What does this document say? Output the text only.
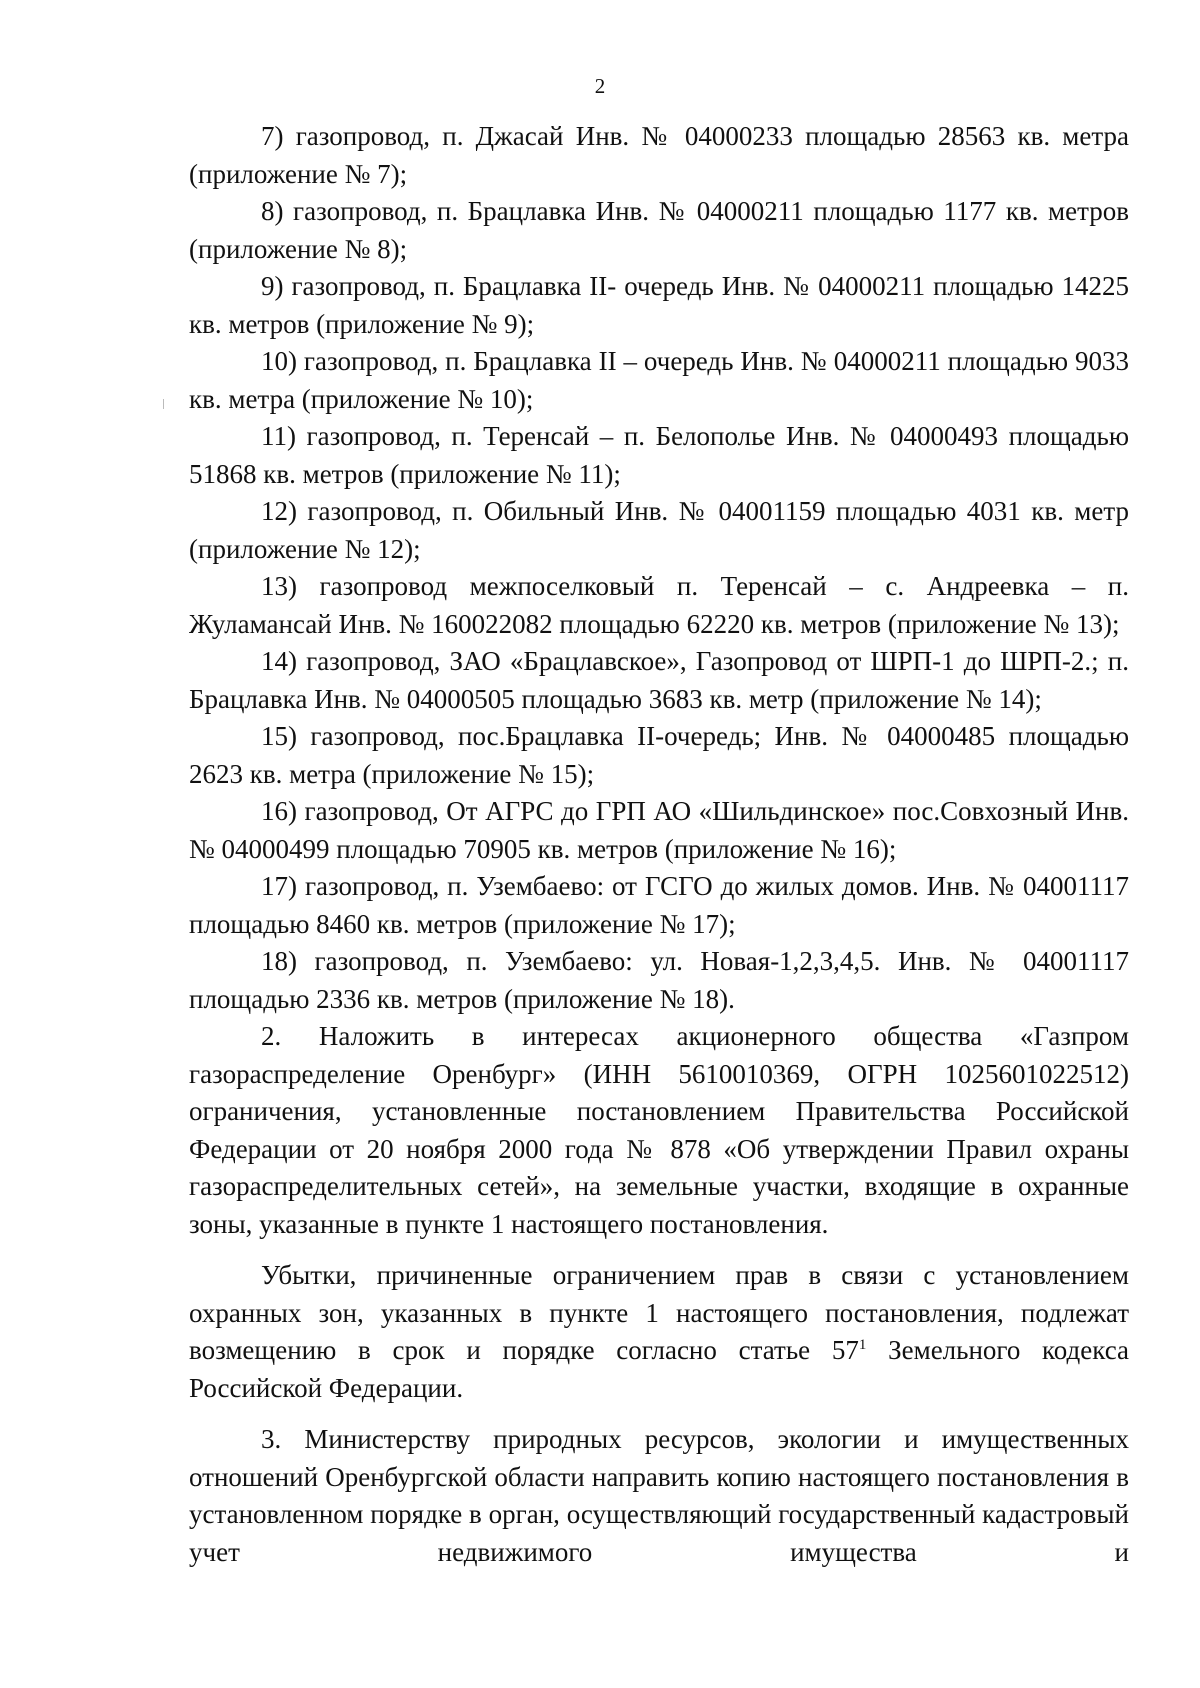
2

7) газопровод, п. Джасай Инв. № 04000233 площадью 28563 кв. метра (приложение № 7);

8) газопровод, п. Брацлавка Инв. № 04000211 площадью 1177 кв. метров (приложение № 8);

9) газопровод, п. Брацлавка II- очередь Инв. № 04000211 площадью 14225 кв. метров (приложение № 9);

10) газопровод, п. Брацлавка II – очередь Инв. № 04000211 площадью 9033 кв. метра (приложение № 10);

11) газопровод, п. Теренсай – п. Белополье Инв. № 04000493 площадью 51868 кв. метров (приложение № 11);

12) газопровод, п. Обильный Инв. № 04001159 площадью 4031 кв. метр (приложение № 12);

13) газопровод межпоселковый п. Теренсай – с. Андреевка – п. Жуламансай Инв. № 160022082 площадью 62220 кв. метров (приложение № 13);

14) газопровод, ЗАО «Брацлавское», Газопровод от ШРП-1 до ШРП-2.; п. Брацлавка Инв. № 04000505 площадью 3683 кв. метр (приложение № 14);

15) газопровод, пос.Брацлавка II-очередь; Инв. № 04000485 площадью 2623 кв. метра (приложение № 15);

16) газопровод, От АГРС до ГРП АО «Шильдинское» пос.Совхозный Инв. № 04000499 площадью 70905 кв. метров (приложение № 16);

17) газопровод, п. Узембаево: от ГСГО до жилых домов. Инв. № 04001117 площадью 8460 кв. метров (приложение № 17);

18) газопровод, п. Узембаево: ул. Новая-1,2,3,4,5. Инв. № 04001117 площадью 2336 кв. метров (приложение № 18).

2. Наложить в интересах акционерного общества «Газпром газораспределение Оренбург» (ИНН 5610010369, ОГРН 1025601022512) ограничения, установленные постановлением Правительства Российской Федерации от 20 ноября 2000 года № 878 «Об утверждении Правил охраны газораспределительных сетей», на земельные участки, входящие в охранные зоны, указанные в пункте 1 настоящего постановления.

Убытки, причиненные ограничением прав в связи с установлением охранных зон, указанных в пункте 1 настоящего постановления, подлежат возмещению в срок и порядке согласно статье $57^1$ Земельного кодекса Российской Федерации.

3. Министерству природных ресурсов, экологии и имущественных отношений Оренбургской области направить копию настоящего постановления в установленном порядке в орган, осуществляющий государственный кадастровый учет недвижимого имущества и
